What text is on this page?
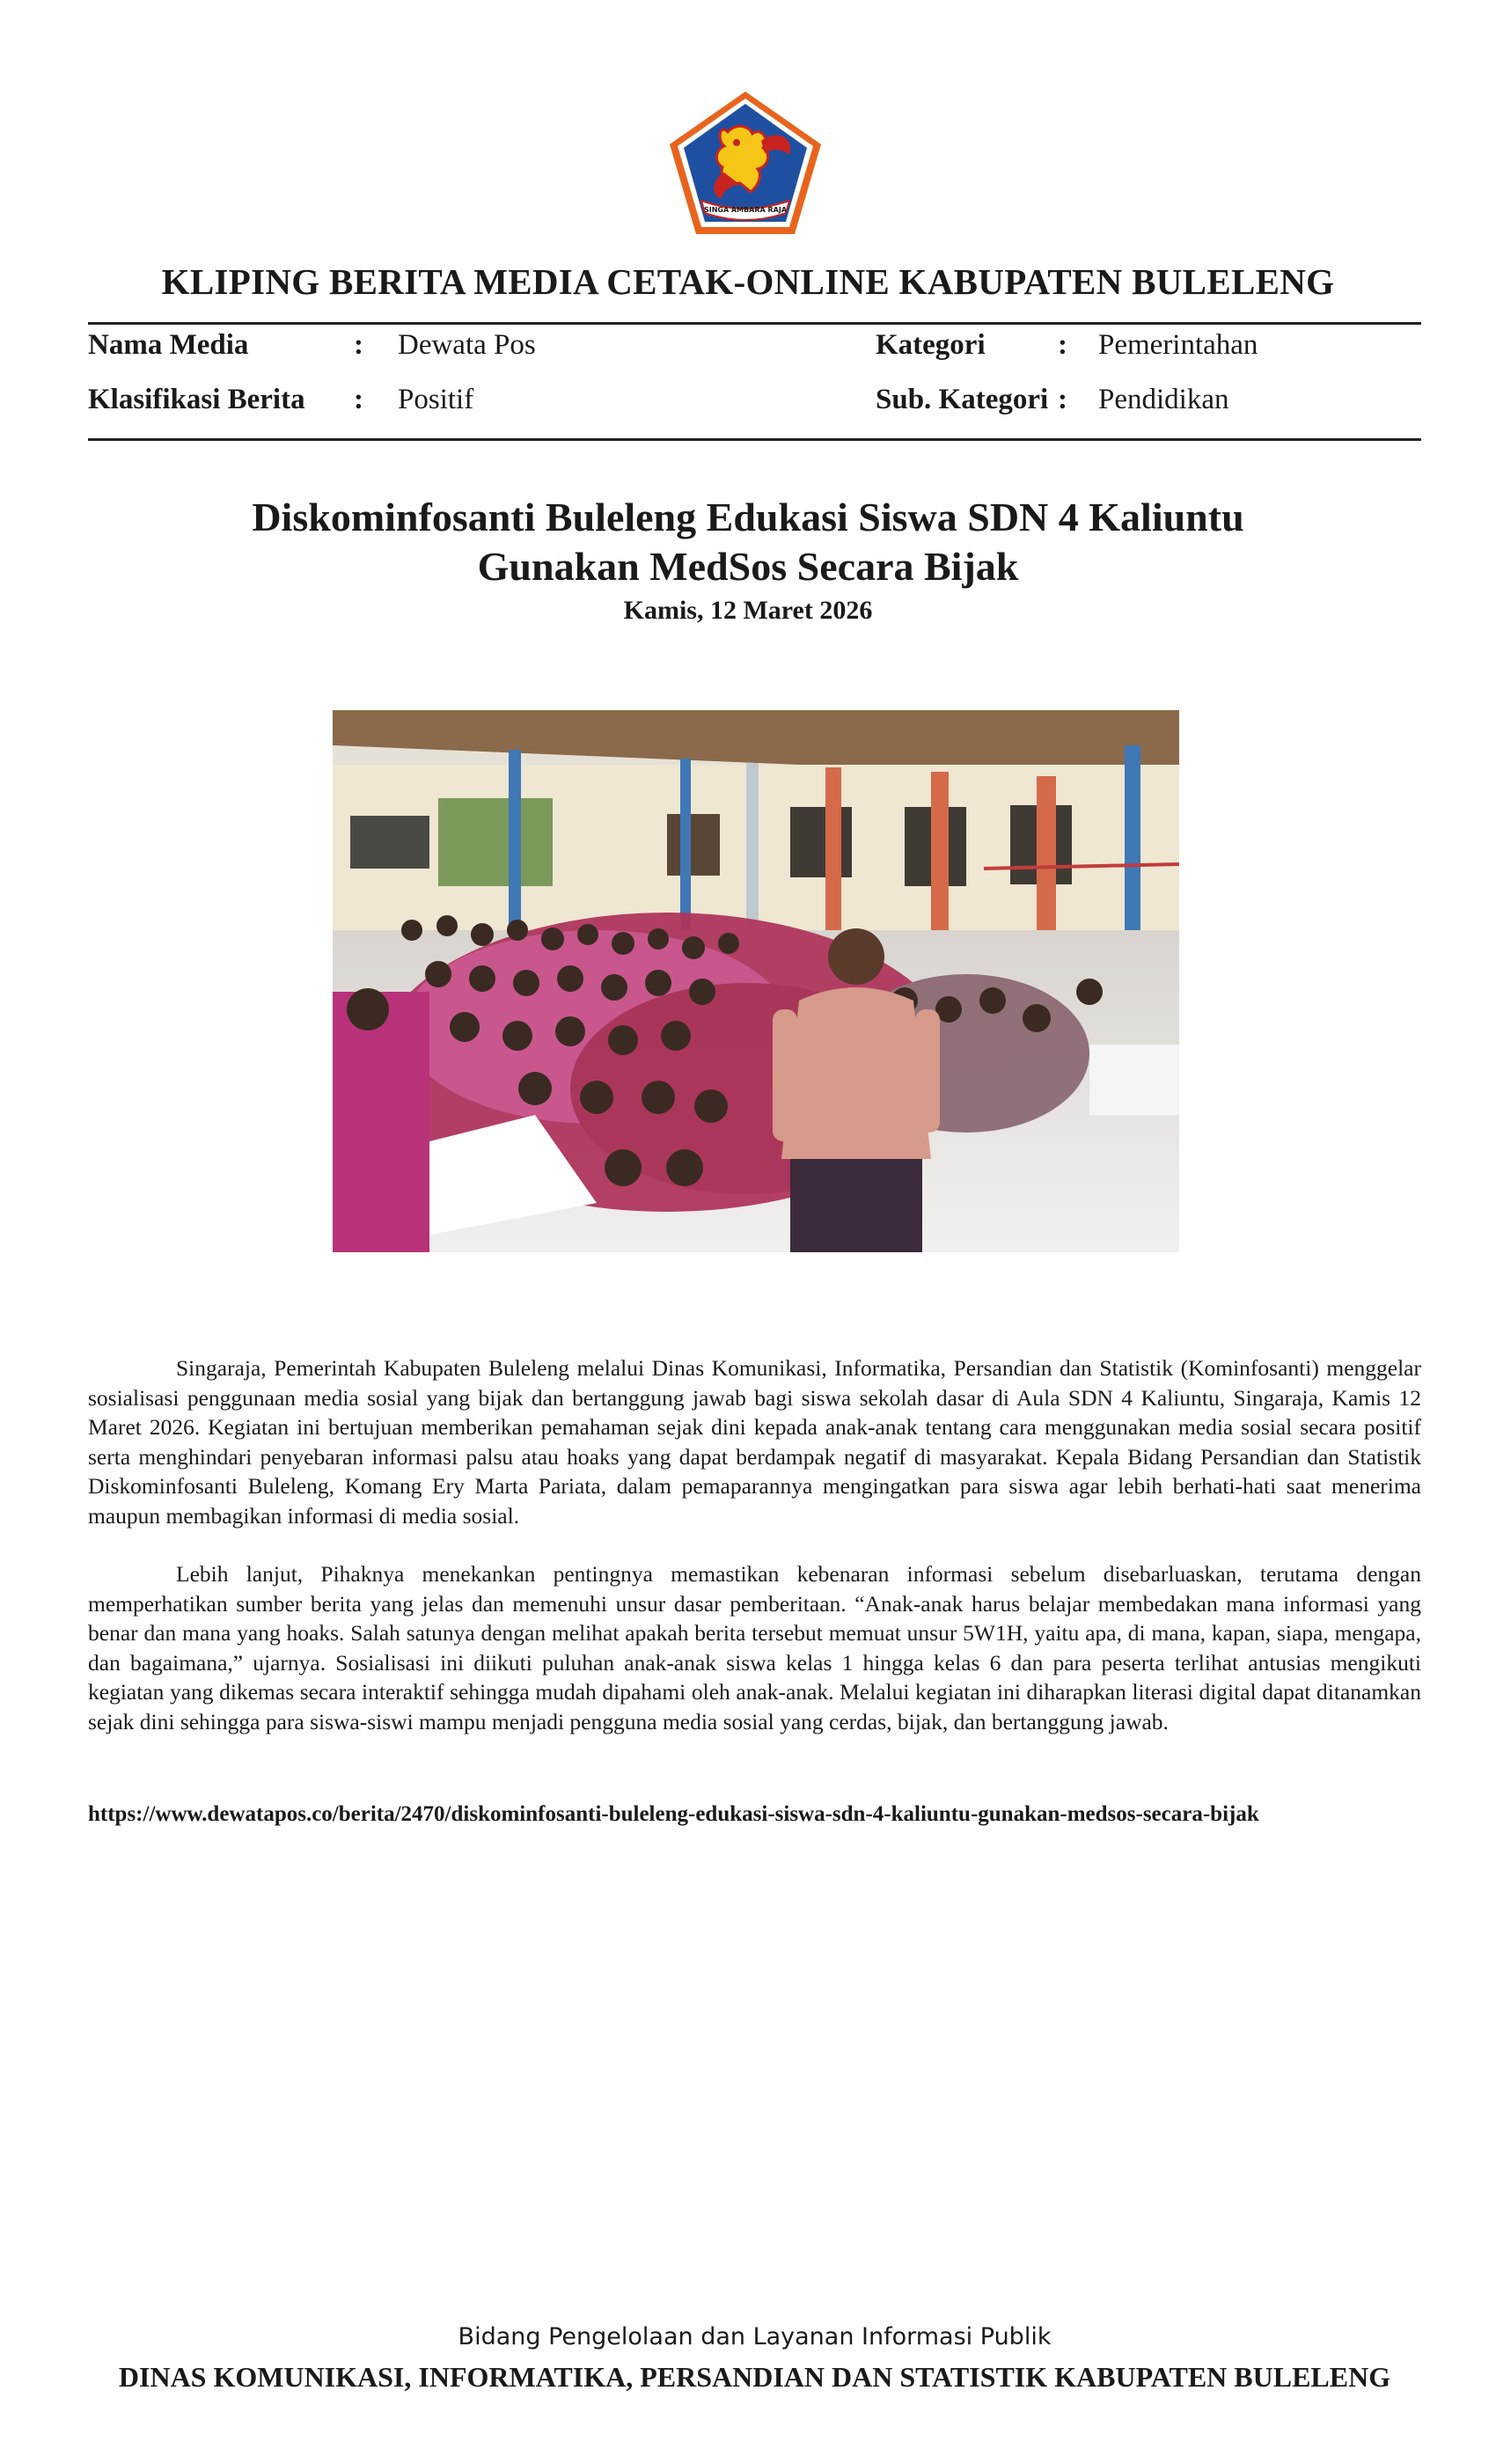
SINGA AMBARA RAJA
KLIPING BERITA MEDIA CETAK-ONLINE KABUPATEN BULELENG
Nama Media	: Dewata Pos	Kategori : Pemerintahan
Klasifikasi Berita : Positif	Sub. Kategori : Pendidikan
Diskominfosanti Buleleng Edukasi Siswa SDN 4 Kaliuntu
Gunakan MedSos Secara Bijak
Kamis, 12 Maret 2026

Singaraja, Pemerintah Kabupaten Buleleng melalui Dinas Komunikasi, Informatika, Persandian dan Statistik (Kominfosanti) menggelar sosialisasi penggunaan media sosial yang bijak dan bertanggung jawab bagi siswa sekolah dasar di Aula SDN 4 Kaliuntu, Singaraja, Kamis 12 Maret 2026. Kegiatan ini bertujuan memberikan pemahaman sejak dini kepada anak-anak tentang cara menggunakan media sosial secara positif serta menghindari penyebaran informasi palsu atau hoaks yang dapat berdampak negatif di masyarakat. Kepala Bidang Persandian dan Statistik Diskominfosanti Buleleng, Komang Ery Marta Pariata, dalam pemaparannya mengingatkan para siswa agar lebih berhati-hati saat menerima maupun membagikan informasi di media sosial.

Lebih lanjut, Pihaknya menekankan pentingnya memastikan kebenaran informasi sebelum disebarluaskan, terutama dengan memperhatikan sumber berita yang jelas dan memenuhi unsur dasar pemberitaan. “Anak-anak harus belajar membedakan mana informasi yang benar dan mana yang hoaks. Salah satunya dengan melihat apakah berita tersebut memuat unsur 5W1H, yaitu apa, di mana, kapan, siapa, mengapa, dan bagaimana,” ujarnya. Sosialisasi ini diikuti puluhan anak-anak siswa kelas 1 hingga kelas 6 dan para peserta terlihat antusias mengikuti kegiatan yang dikemas secara interaktif sehingga mudah dipahami oleh anak-anak. Melalui kegiatan ini diharapkan literasi digital dapat ditanamkan sejak dini sehingga para siswa-siswi mampu menjadi pengguna media sosial yang cerdas, bijak, dan bertanggung jawab.

https://www.dewatapos.co/berita/2470/diskominfosanti-buleleng-edukasi-siswa-sdn-4-kaliuntu-gunakan-medsos-secara-bijak
Bidang Pengelolaan dan Layanan Informasi Publik
DINAS KOMUNIKASI, INFORMATIKA, PERSANDIAN DAN STATISTIK KABUPATEN BULELENG
